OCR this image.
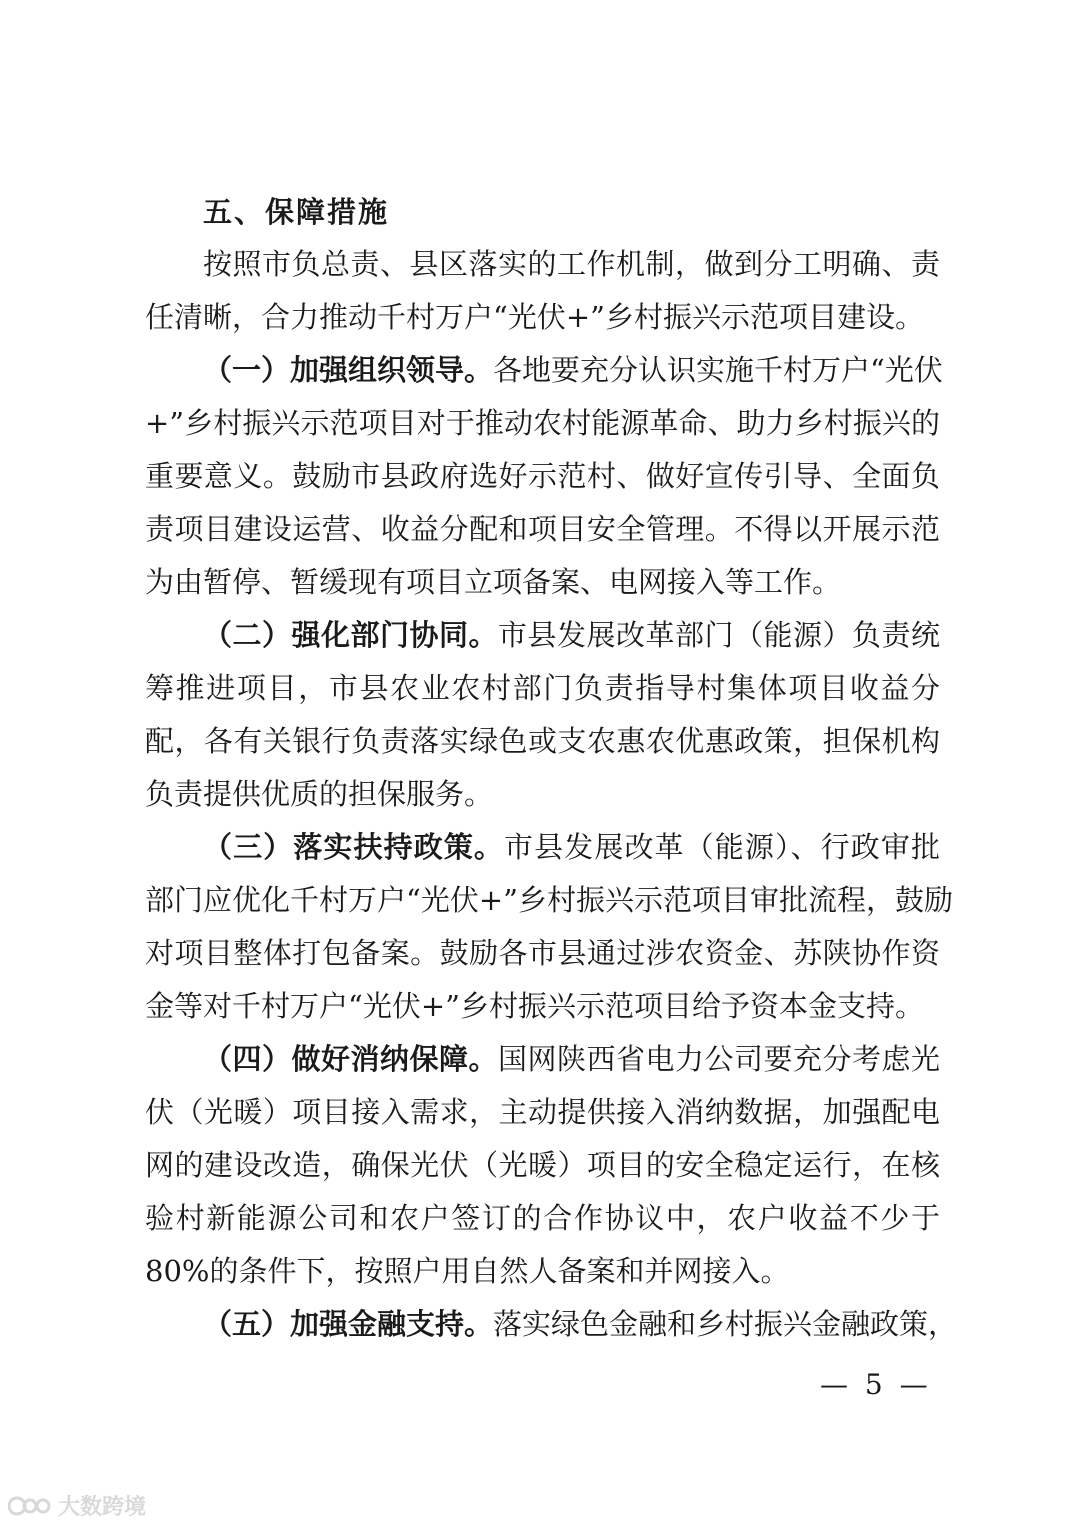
五、保障措施
按照市负总责、县区落实的工作机制，做到分工明确、责
任清晰，合力推动千村万户“光伏+”乡村振兴示范项目建设。
（一）加强组织领导。各地要充分认识实施千村万户“光伏
+”乡村振兴示范项目对于推动农村能源革命、助力乡村振兴的
重要意义。鼓励市县政府选好示范村、做好宣传引导、全面负
责项目建设运营、收益分配和项目安全管理。不得以开展示范
为由暂停、暂缓现有项目立项备案、电网接入等工作。
（二）强化部门协同。市县发展改革部门（能源）负责统
筹推进项目，市县农业农村部门负责指导村集体项目收益分
配，各有关银行负责落实绿色或支农惠农优惠政策，担保机构
负责提供优质的担保服务。
（三）落实扶持政策。市县发展改革（能源）、行政审批
部门应优化千村万户“光伏+”乡村振兴示范项目审批流程，鼓励
对项目整体打包备案。鼓励各市县通过涉农资金、苏陕协作资
金等对千村万户“光伏+”乡村振兴示范项目给予资本金支持。
（四）做好消纳保障。国网陕西省电力公司要充分考虑光
伏（光暖）项目接入需求，主动提供接入消纳数据，加强配电
网的建设改造，确保光伏（光暖）项目的安全稳定运行，在核
验村新能源公司和农户签订的合作协议中，农户收益不少于
80%的条件下，按照户用自然人备案和并网接入。
（五）加强金融支持。落实绿色金融和乡村振兴金融政策，
— 5 —
大数跨境
